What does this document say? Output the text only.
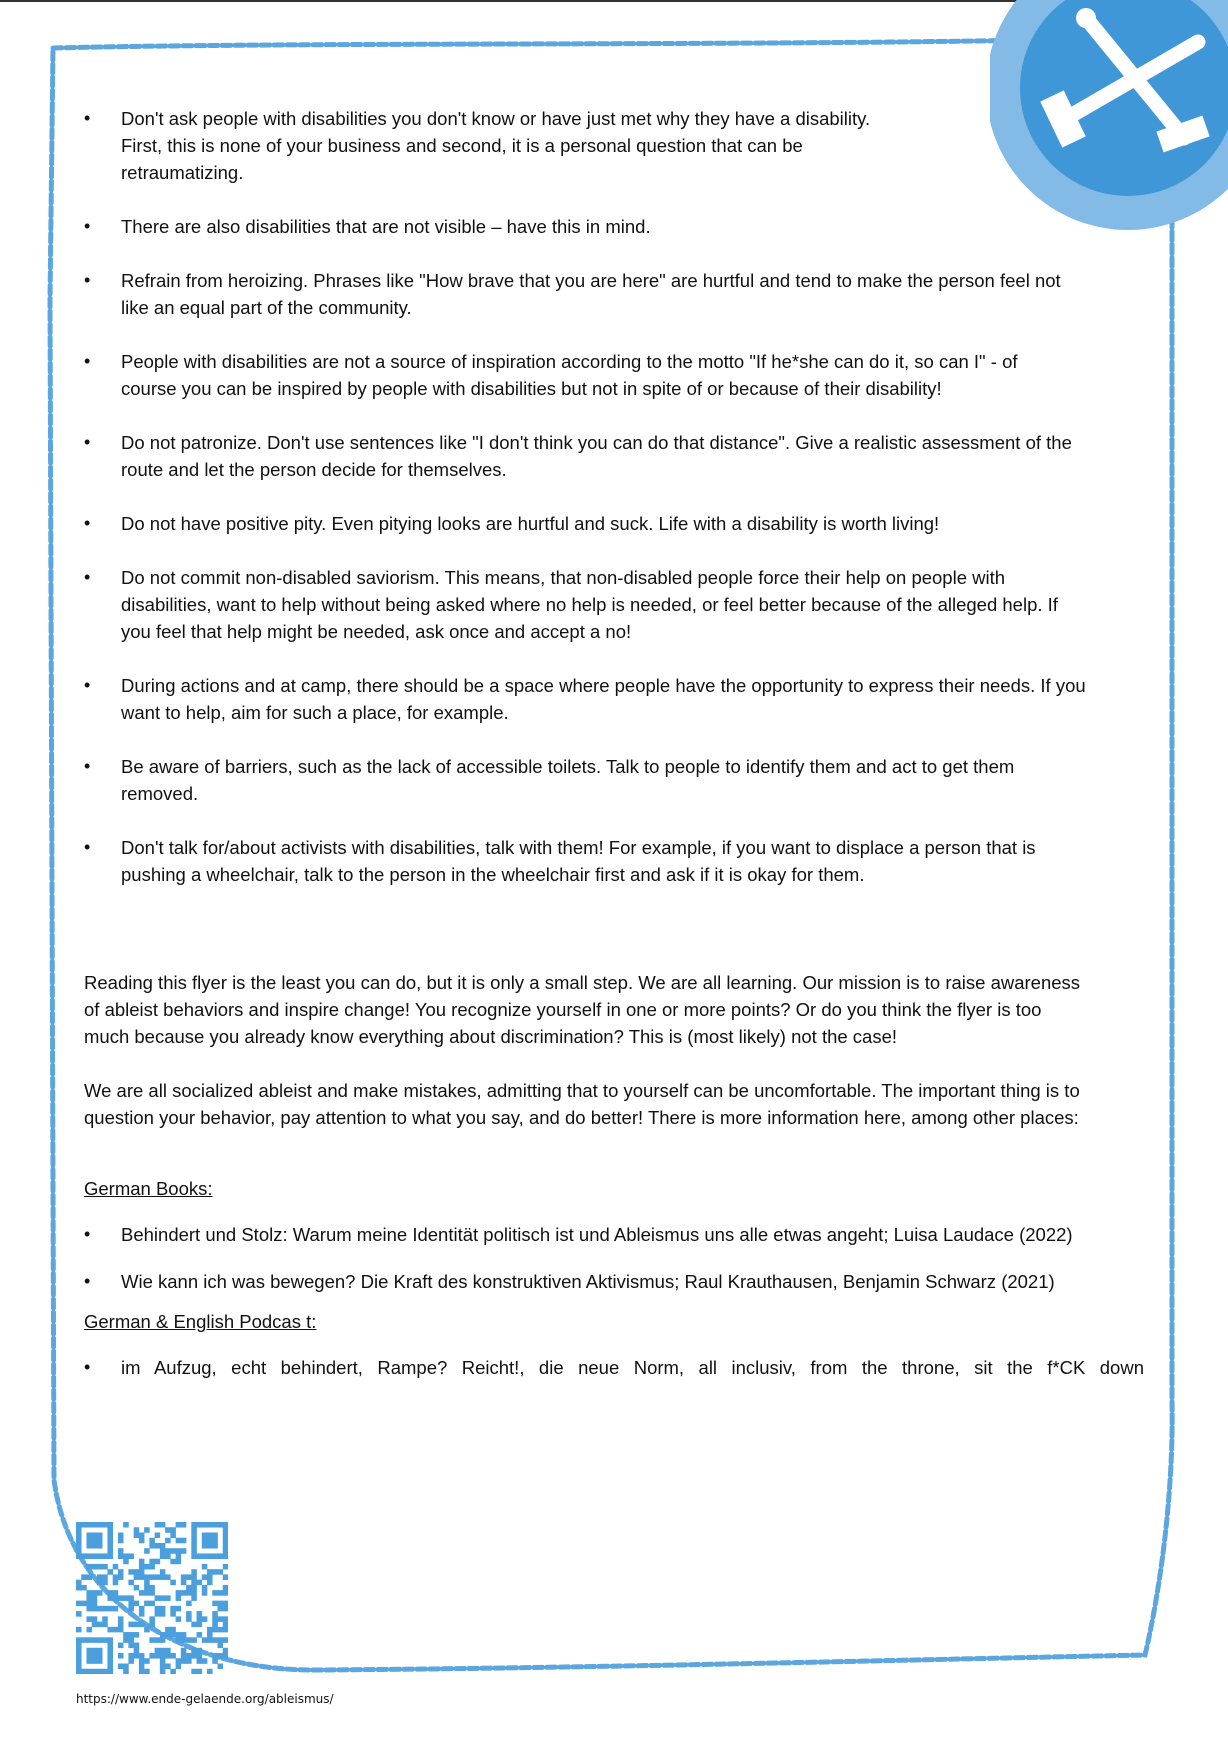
• Don't ask people with disabilities you don't know or have just met why they have a disability.
First, this is none of your business and second, it is a personal question that can be
retraumatizing.
• There are also disabilities that are not visible – have this in mind.
• Refrain from heroizing. Phrases like "How brave that you are here" are hurtful and tend to make the person feel not
like an equal part of the community.
• People with disabilities are not a source of inspiration according to the motto "If he*she can do it, so can I" - of
course you can be inspired by people with disabilities but not in spite of or because of their disability!
• Do not patronize. Don't use sentences like "I don't think you can do that distance". Give a realistic assessment of the
route and let the person decide for themselves.
• Do not have positive pity. Even pitying looks are hurtful and suck. Life with a disability is worth living!
• Do not commit non-disabled saviorism. This means, that non-disabled people force their help on people with
disabilities, want to help without being asked where no help is needed, or feel better because of the alleged help. If
you feel that help might be needed, ask once and accept a no!
• During actions and at camp, there should be a space where people have the opportunity to express their needs. If you
want to help, aim for such a place, for example.
• Be aware of barriers, such as the lack of accessible toilets. Talk to people to identify them and act to get them
removed.
• Don't talk for/about activists with disabilities, talk with them! For example, if you want to displace a person that is
pushing a wheelchair, talk to the person in the wheelchair first and ask if it is okay for them.

Reading this flyer is the least you can do, but it is only a small step. We are all learning. Our mission is to raise awareness

of ableist behaviors and inspire change! You recognize yourself in one or more points? Or do you think the flyer is too

much because you already know everything about discrimination? This is (most likely) not the case!

We are all socialized ableist and make mistakes, admitting that to yourself can be uncomfortable. The important thing is to

question your behavior, pay attention to what you say, and do better! There is more information here, among other places:

German Books:

• Behindert und Stolz: Warum meine Identität politisch ist und Ableismus uns alle etwas angeht; Luisa Laudace (2022)
• Wie kann ich was bewegen? Die Kraft des konstruktiven Aktivismus; Raul Krauthausen, Benjamin Schwarz (2021)

German & English Podcas t:

• im Aufzug, echt behindert, Rampe? Reicht!, die neue Norm, all inclusiv, from the throne, sit the f*CK down
https://www.ende-gelaende.org/ableismus/
